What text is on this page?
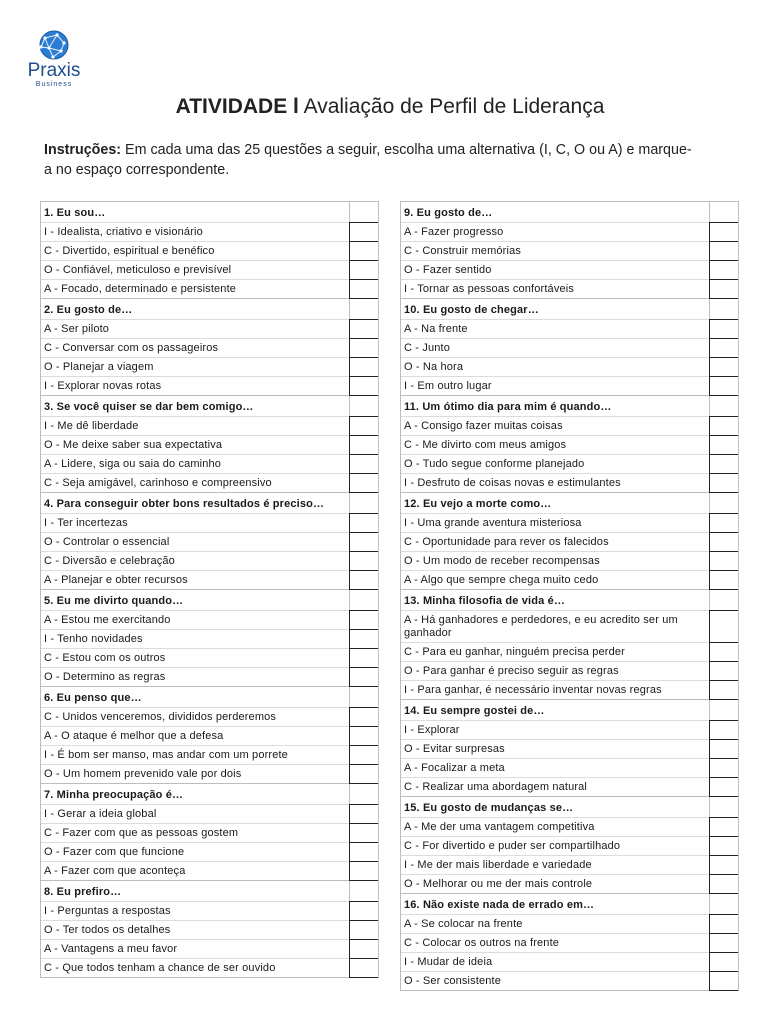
Praxis
Business
ATIVIDADE l Avaliação de Perfil de Liderança
Instruções: Em cada uma das 25 questões a seguir, escolha uma alternativa (I, C, O ou A) e marque-a no espaço correspondente.
1. Eu sou…
I - Idealista, criativo e visionário
C - Divertido, espiritual e benéfico
O - Confiável, meticuloso e previsível
A - Focado, determinado e persistente
2. Eu gosto de…
A - Ser piloto
C - Conversar com os passageiros
O - Planejar a viagem
I - Explorar novas rotas
3. Se você quiser se dar bem comigo…
I - Me dê liberdade
O - Me deixe saber sua expectativa
A - Lidere, siga ou saia do caminho
C - Seja amigável, carinhoso e compreensivo
4. Para conseguir obter bons resultados é preciso…
I - Ter incertezas
O - Controlar o essencial
C - Diversão e celebração
A - Planejar e obter recursos
5. Eu me divirto quando…
A - Estou me exercitando
I - Tenho novidades
C - Estou com os outros
O - Determino as regras
6. Eu penso que…
C - Unidos venceremos, divididos perderemos
A - O ataque é melhor que a defesa
I - É bom ser manso, mas andar com um porrete
O - Um homem prevenido vale por dois
7. Minha preocupação é…
I - Gerar a ideia global
C - Fazer com que as pessoas gostem
O - Fazer com que funcione
A - Fazer com que aconteça
8. Eu prefiro…
I - Perguntas a respostas
O - Ter todos os detalhes
A - Vantagens a meu favor
C - Que todos tenham a chance de ser ouvido
9. Eu gosto de…
A - Fazer progresso
C - Construir memórias
O - Fazer sentido
I - Tornar as pessoas confortáveis
10. Eu gosto de chegar…
A - Na frente
C - Junto
O - Na hora
I - Em outro lugar
11. Um ótimo dia para mim é quando…
A - Consigo fazer muitas coisas
C - Me divirto com meus amigos
O - Tudo segue conforme planejado
I - Desfruto de coisas novas e estimulantes
12. Eu vejo a morte como…
I - Uma grande aventura misteriosa
C - Oportunidade para rever os falecidos
O - Um modo de receber recompensas
A - Algo que sempre chega muito cedo
13. Minha filosofia de vida é…
A - Há ganhadores e perdedores, e eu acredito ser um ganhador
C - Para eu ganhar, ninguém precisa perder
O - Para ganhar é preciso seguir as regras
I - Para ganhar, é necessário inventar novas regras
14. Eu sempre gostei de…
I - Explorar
O - Evitar surpresas
A - Focalizar a meta
C - Realizar uma abordagem natural
15. Eu gosto de mudanças se…
A - Me der uma vantagem competitiva
C - For divertido e puder ser compartilhado
I - Me der mais liberdade e variedade
O - Melhorar ou me der mais controle
16. Não existe nada de errado em…
A - Se colocar na frente
C - Colocar os outros na frente
I - Mudar de ideia
O - Ser consistente
